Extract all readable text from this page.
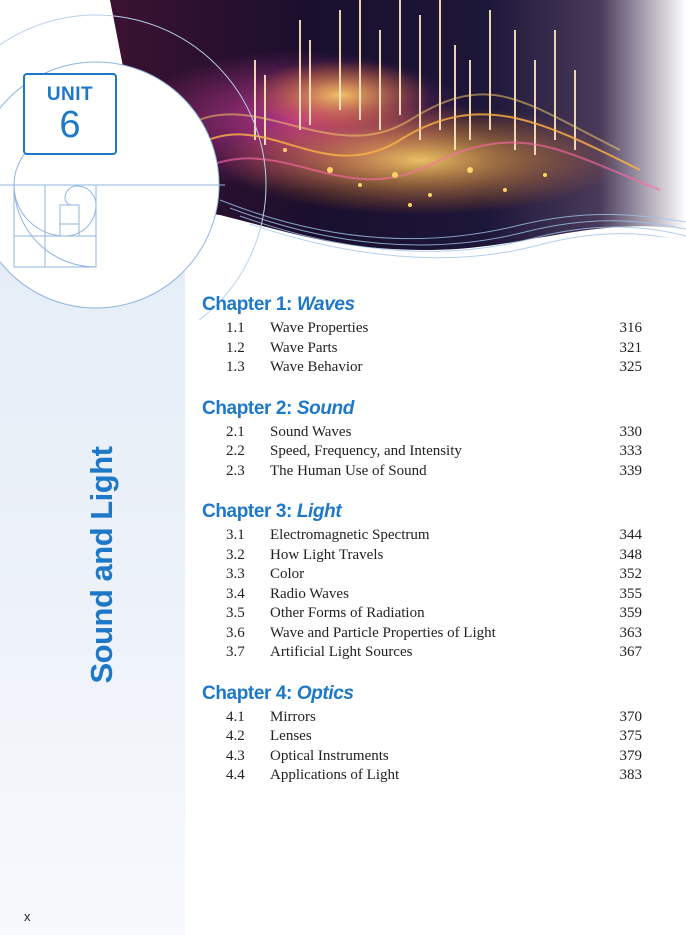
UNIT
6
Sound and Light
Chapter 1: Waves
1.1 Wave Properties	316
1.2 Wave Parts	321
1.3 Wave Behavior	325
Chapter 2: Sound
2.1 Sound Waves	330
2.2 Speed, Frequency, and Intensity	333
2.3 The Human Use of Sound	339
Chapter 3: Light
3.1 Electromagnetic Spectrum	344
3.2 How Light Travels	348
3.3 Color	352
3.4 Radio Waves	355
3.5 Other Forms of Radiation	359
3.6 Wave and Particle Properties of Light	363
3.7 Artificial Light Sources	367
Chapter 4: Optics
4.1 Mirrors	370
4.2 Lenses	375
4.3 Optical Instruments	379
4.4 Applications of Light	383
x
